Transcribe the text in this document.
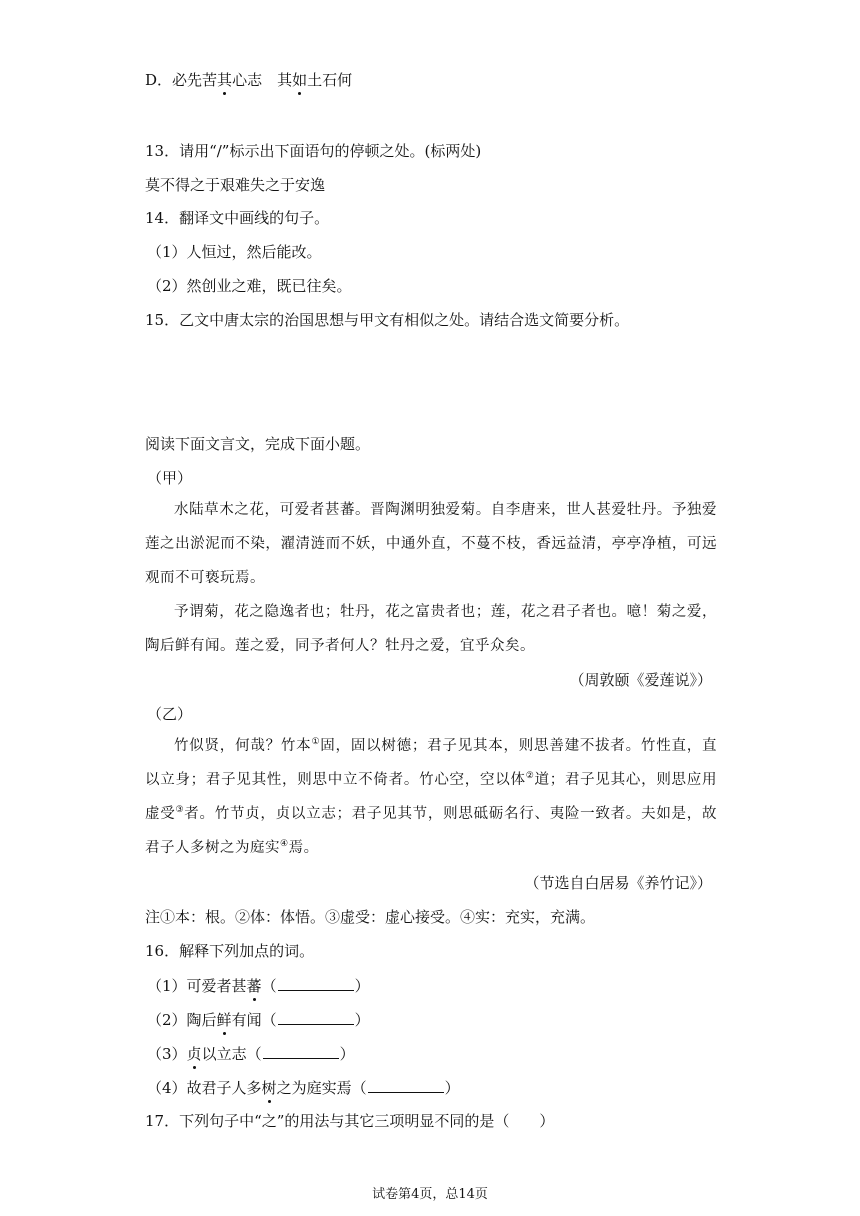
D．必先苦其心志　 其如土石何
13．请用“/”标示出下面语句的停顿之处。(标两处)
莫不得之于艰难失之于安逸
14．翻译文中画线的句子。
（1）人恒过，然后能改。
（2）然创业之难，既已往矣。
15．乙文中唐太宗的治国思想与甲文有相似之处。请结合选文简要分析。
阅读下面文言文，完成下面小题。
（甲）
水陆草木之花，可爱者甚蕃。晋陶渊明独爱菊。自李唐来，世人甚爱牡丹。予独爱莲之出淤泥而不染，濯清涟而不妖，中通外直，不蔓不枝，香远益清，亭亭净植，可远观而不可亵玩焉。
予谓菊，花之隐逸者也；牡丹，花之富贵者也；莲，花之君子者也。噫！菊之爱，陶后鲜有闻。莲之爱，同予者何人？牡丹之爱，宜乎众矣。
（周敦颐《爱莲说》）
（乙）
竹似贤，何哉？竹本①固，固以树德；君子见其本，则思善建不拔者。竹性直，直以立身；君子见其性，则思中立不倚者。竹心空，空以体②道；君子见其心，则思应用虚受③者。竹节贞，贞以立志；君子见其节，则思砥砺名行、夷险一致者。夫如是，故君子人多树之为庭实④焉。
（节选自白居易《养竹记》）
注①本：根。②体：体悟。③虚受：虚心接受。④实：充实，充满。
16．解释下列加点的词。
（1）可爱者甚蕃（	）
（2）陶后鲜有闻（	）
（3）贞以立志（	）
（4）故君子人多树之为庭实焉（	）
17．下列句子中“之”的用法与其它三项明显不同的是（　　）
试卷第4页，总14页
